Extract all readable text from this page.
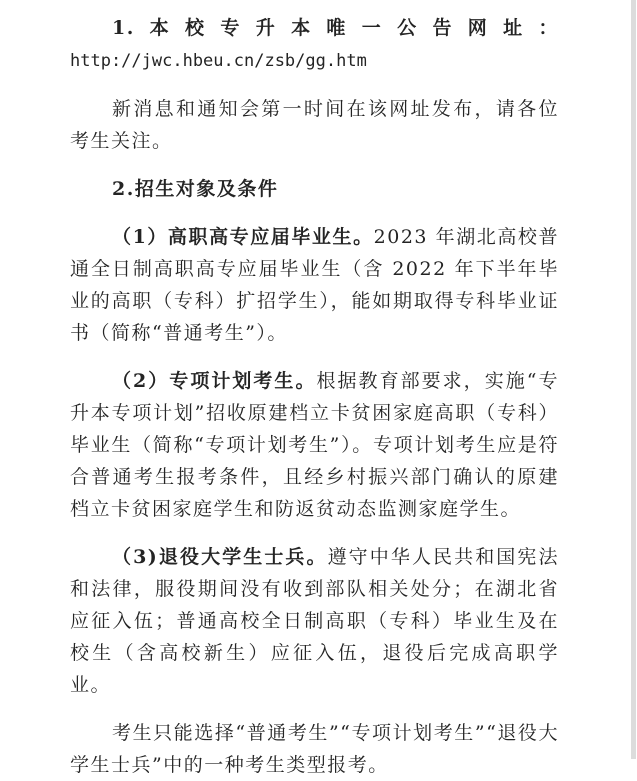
1.本校专升本唯一公告网址：http://jwc.hbeu.cn/zsb/gg.htm

新消息和通知会第一时间在该网址发布，请各位考生关注。

2.招生对象及条件

（1）高职高专应届毕业生。2023 年湖北高校普通全日制高职高专应届毕业生（含 2022 年下半年毕业的高职（专科）扩招学生），能如期取得专科毕业证书（简称“普通考生”）。

（2）专项计划考生。根据教育部要求，实施“专升本专项计划”招收原建档立卡贫困家庭高职（专科）毕业生（简称“专项计划考生”）。专项计划考生应是符合普通考生报考条件，且经乡村振兴部门确认的原建档立卡贫困家庭学生和防返贫动态监测家庭学生。

（3)退役大学生士兵。遵守中华人民共和国宪法和法律，服役期间没有收到部队相关处分；在湖北省应征入伍；普通高校全日制高职（专科）毕业生及在校生（含高校新生）应征入伍，退役后完成高职学业。

考生只能选择“普通考生”“专项计划考生”“退役大学生士兵”中的一种考生类型报考。
